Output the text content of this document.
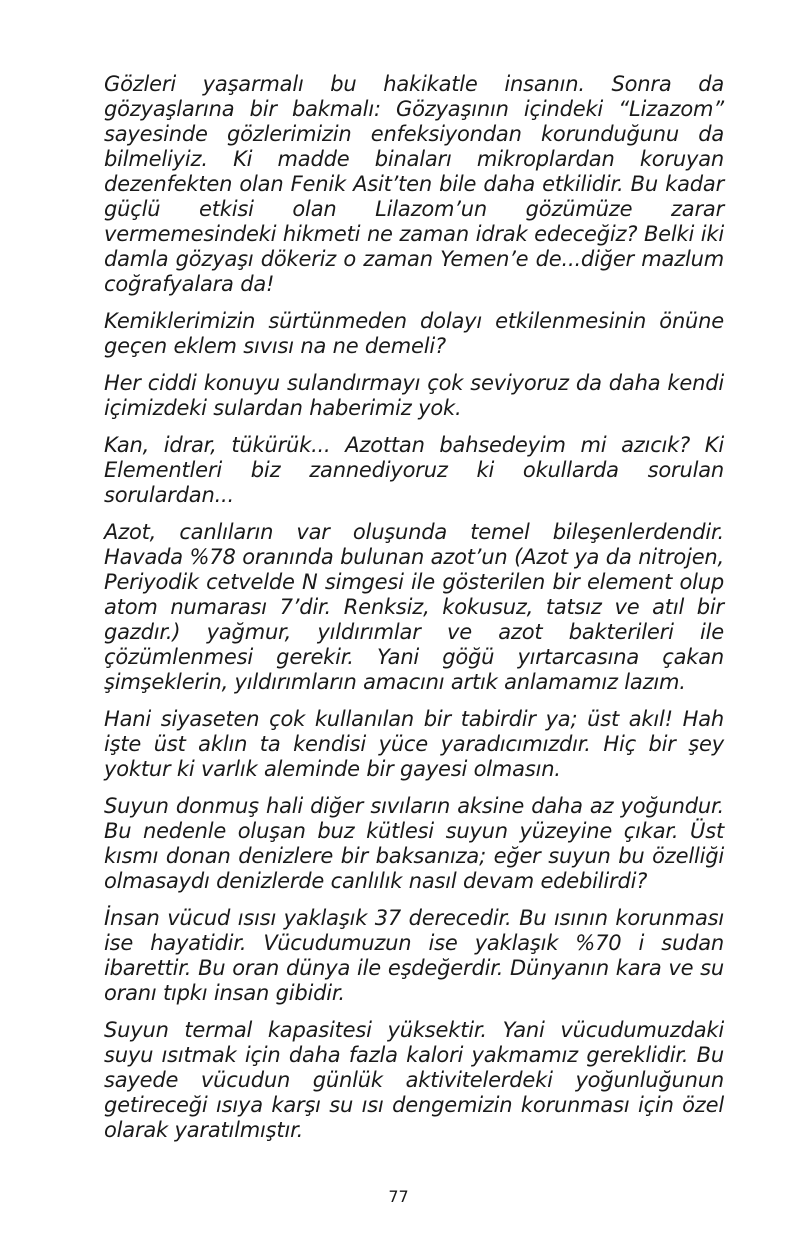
Gözleri yaşarmalı bu hakikatle insanın. Sonra da gözyaşlarına bir bakmalı: Gözyaşının içindeki “Lizazom” sayesinde gözlerimizin enfeksiyondan korunduğunu da bilmeliyiz. Ki madde binaları mikroplardan koruyan dezenfekten olan Fenik Asit’ten bile daha etkilidir. Bu kadar güçlü etkisi olan Lilazom’un gözümüze zarar vermemesindeki hikmeti ne zaman idrak edeceğiz? Belki iki damla gözyaşı dökeriz o zaman Yemen’e de...diğer mazlum coğrafyalara da!

Kemiklerimizin sürtünmeden dolayı etkilenmesinin önüne geçen eklem sıvısı na ne demeli?

Her ciddi konuyu sulandırmayı çok seviyoruz da daha kendi içimizdeki sulardan haberimiz yok.

Kan, idrar, tükürük... Azottan bahsedeyim mi azıcık? Ki Elementleri biz zannediyoruz ki okullarda sorulan sorulardan...

Azot, canlıların var oluşunda temel bileşenlerdendir. Havada %78 oranında bulunan azot’un (Azot ya da nitrojen, Periyodik cetvelde N simgesi ile gösterilen bir element olup atom numarası 7’dir. Renksiz, kokusuz, tatsız ve atıl bir gazdır.) yağmur, yıldırımlar ve azot bakterileri ile çözümlenmesi gerekir. Yani göğü yırtarcasına çakan şimşeklerin, yıldırımların amacını artık anlamamız lazım.

Hani siyaseten çok kullanılan bir tabirdir ya; üst akıl! Hah işte üst aklın ta kendisi yüce yaradıcımızdır. Hiç bir şey yoktur ki varlık aleminde bir gayesi olmasın.

Suyun donmuş hali diğer sıvıların aksine daha az yoğundur. Bu nedenle oluşan buz kütlesi suyun yüzeyine çıkar. Üst kısmı donan denizlere bir baksanıza; eğer suyun bu özelliği olmasaydı denizlerde canlılık nasıl devam edebilirdi?

İnsan vücud ısısı yaklaşık 37 derecedir. Bu ısının korunması ise hayatidir. Vücudumuzun ise yaklaşık %70 i sudan ibarettir. Bu oran dünya ile eşdeğerdir. Dünyanın kara ve su oranı tıpkı insan gibidir.

Suyun termal kapasitesi yüksektir. Yani vücudumuzdaki suyu ısıtmak için daha fazla kalori yakmamız gereklidir. Bu sayede vücudun günlük aktivitelerdeki yoğunluğunun getireceği ısıya karşı su ısı dengemizin korunması için özel olarak yaratılmıştır.

77
